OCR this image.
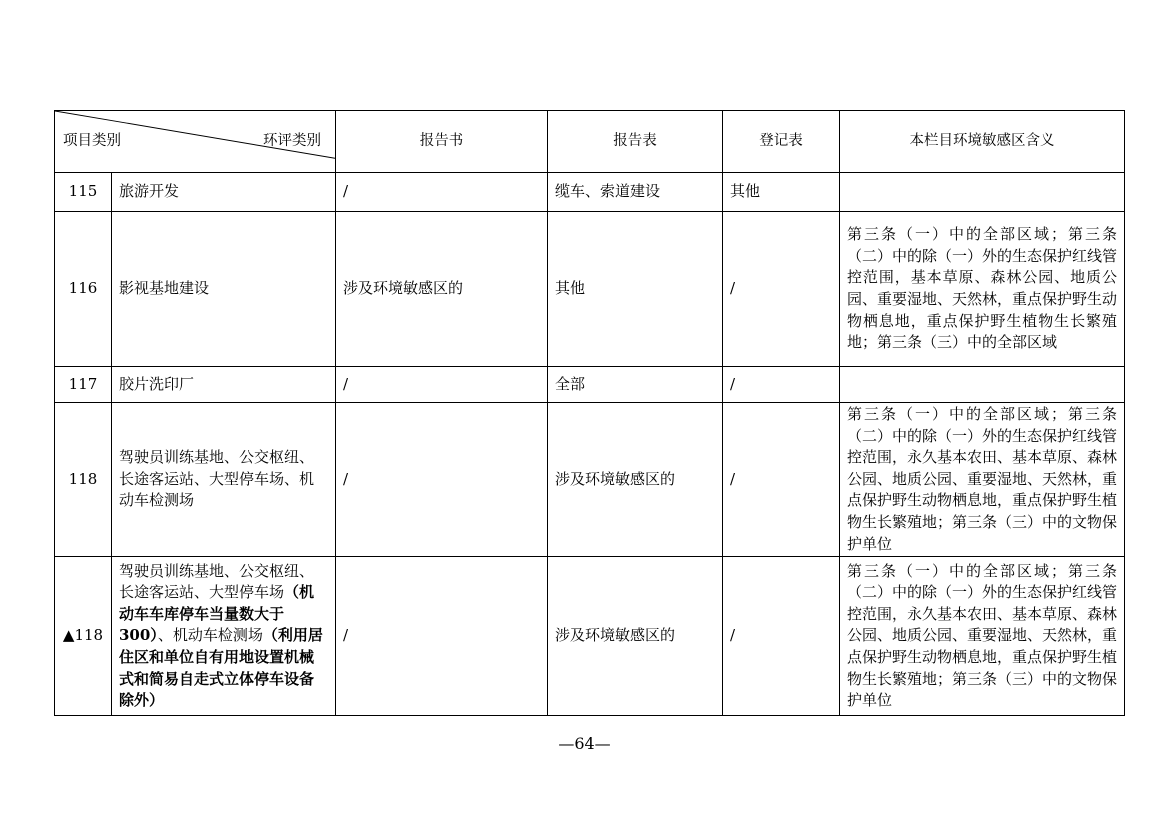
项目类别 环评类别		报告书	报告表	登记表	本栏目环境敏感区含义
115	旅游开发	/	缆车、索道建设	其他	
116	影视基地建设	涉及环境敏感区的	其他	/	第三条（一）中的全部区域；第三条（二）中的除（一）外的生态保护红线管控范围，基本草原、森林公园、地质公园、重要湿地、天然林，重点保护野生动物栖息地，重点保护野生植物生长繁殖地；第三条（三）中的全部区域
117	胶片洗印厂	/	全部	/	
118	驾驶员训练基地、公交枢纽、长途客运站、大型停车场、机动车检测场	/	涉及环境敏感区的	/	第三条（一）中的全部区域；第三条（二）中的除（一）外的生态保护红线管控范围，永久基本农田、基本草原、森林公园、地质公园、重要湿地、天然林，重点保护野生动物栖息地，重点保护野生植物生长繁殖地；第三条（三）中的文物保护单位
▲118	驾驶员训练基地、公交枢纽、长途客运站、大型停车场（机动车车库停车当量数大于300）、机动车检测场（利用居住区和单位自有用地设置机械式和简易自走式立体停车设备除外）	/	涉及环境敏感区的	/	第三条（一）中的全部区域；第三条（二）中的除（一）外的生态保护红线管控范围，永久基本农田、基本草原、森林公园、地质公园、重要湿地、天然林，重点保护野生动物栖息地，重点保护野生植物生长繁殖地；第三条（三）中的文物保护单位
—64—
